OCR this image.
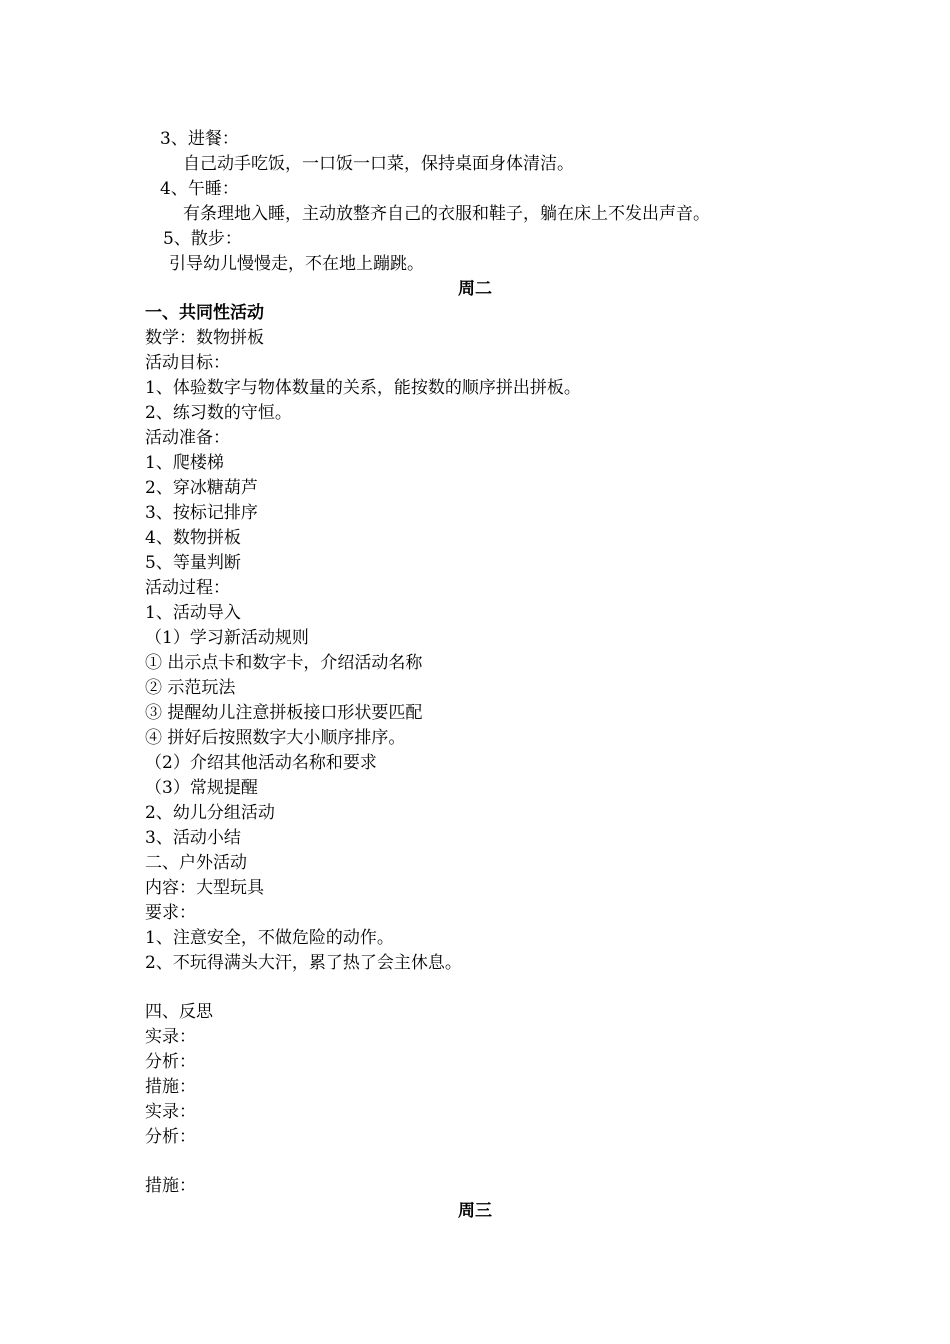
3、进餐：
自己动手吃饭，一口饭一口菜，保持桌面身体清洁。
4、午睡：
有条理地入睡，主动放整齐自己的衣服和鞋子，躺在床上不发出声音。
5、散步：
引导幼儿慢慢走，不在地上蹦跳。
周二
一、共同性活动
数学：数物拼板
活动目标：
1、体验数字与物体数量的关系，能按数的顺序拼出拼板。
2、练习数的守恒。
活动准备：
1、爬楼梯
2、穿冰糖葫芦
3、按标记排序
4、数物拼板
5、等量判断
活动过程：
1、活动导入
（1）学习新活动规则
① 出示点卡和数字卡，介绍活动名称
② 示范玩法
③ 提醒幼儿注意拼板接口形状要匹配
④ 拼好后按照数字大小顺序排序。
（2）介绍其他活动名称和要求
（3）常规提醒
2、幼儿分组活动
3、活动小结
二、户外活动
内容：大型玩具
要求：
1、注意安全，不做危险的动作。
2、不玩得满头大汗，累了热了会主休息。
四、反思
实录：
分析：
措施：
实录：
分析：
措施：
周三
